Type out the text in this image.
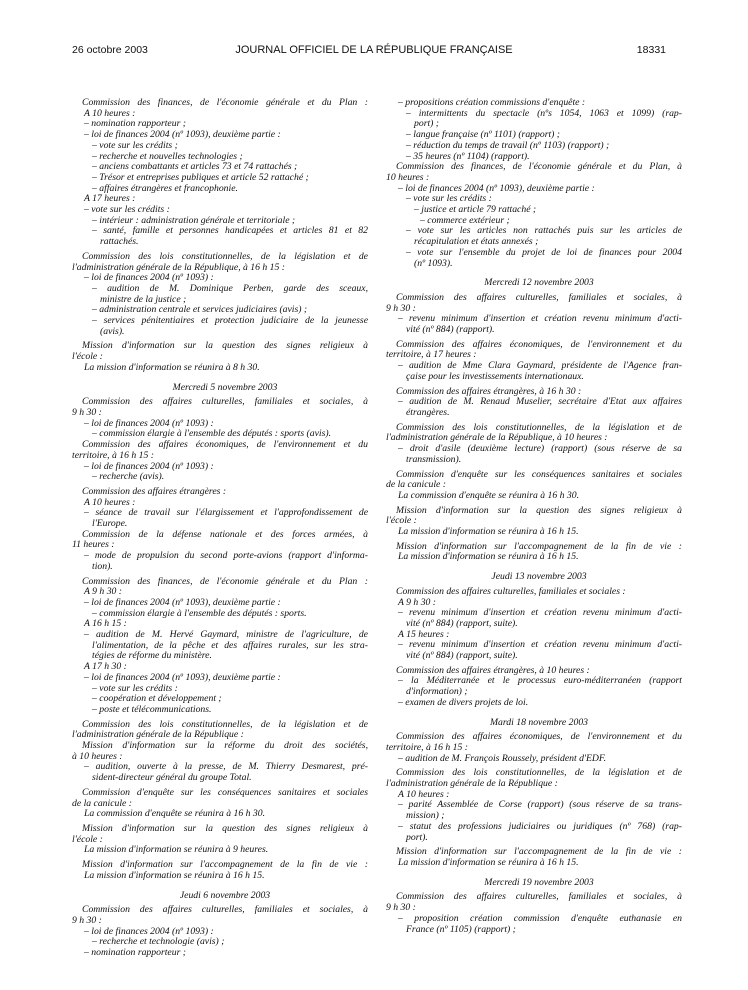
26 octobre 2003	JOURNAL OFFICIEL DE LA RÉPUBLIQUE FRANÇAISE	18331
Commission des finances, de l'économie générale et du Plan :
A 10 heures :
– nomination rapporteur ;
– loi de finances 2004 (nº 1093), deuxième partie :
– vote sur les crédits ;
– recherche et nouvelles technologies ;
– anciens combattants et articles 73 et 74 rattachés ;
– Trésor et entreprises publiques et article 52 rattaché ;
– affaires étrangères et francophonie.
A 17 heures :
– vote sur les crédits :
– intérieur : administration générale et territoriale ;
– santé, famille et personnes handicapées et articles 81 et 82
rattachés.
Commission des lois constitutionnelles, de la législation et de
l'administration générale de la République, à 16 h 15 :
– loi de finances 2004 (nº 1093) :
– audition de M. Dominique Perben, garde des sceaux,
ministre de la justice ;
– administration centrale et services judiciaires (avis) ;
– services pénitentiaires et protection judiciaire de la jeunesse
(avis).
Mission d'information sur la question des signes religieux à
l'école :
La mission d'information se réunira à 8 h 30.
Mercredi 5 novembre 2003
Commission des affaires culturelles, familiales et sociales, à
9 h 30 :
– loi de finances 2004 (nº 1093) :
– commission élargie à l'ensemble des députés : sports (avis).
Commission des affaires économiques, de l'environnement et du
territoire, à 16 h 15 :
– loi de finances 2004 (nº 1093) :
– recherche (avis).
Commission des affaires étrangères :
A 10 heures :
– séance de travail sur l'élargissement et l'approfondissement de
l'Europe.
Commission de la défense nationale et des forces armées, à
11 heures :
– mode de propulsion du second porte-avions (rapport d'informa-
tion).
Commission des finances, de l'économie générale et du Plan :
A 9 h 30 :
– loi de finances 2004 (nº 1093), deuxième partie :
– commission élargie à l'ensemble des députés : sports.
A 16 h 15 :
– audition de M. Hervé Gaymard, ministre de l'agriculture, de
l'alimentation, de la pêche et des affaires rurales, sur les stra-
tégies de réforme du ministère.
A 17 h 30 :
– loi de finances 2004 (nº 1093), deuxième partie :
– vote sur les crédits :
– coopération et développement ;
– poste et télécommunications.
Commission des lois constitutionnelles, de la législation et de
l'administration générale de la République :
Mission d'information sur la réforme du droit des sociétés,
à 10 heures :
– audition, ouverte à la presse, de M. Thierry Desmarest, pré-
sident-directeur général du groupe Total.
Commission d'enquête sur les conséquences sanitaires et sociales
de la canicule :
La commission d'enquête se réunira à 16 h 30.
Mission d'information sur la question des signes religieux à
l'école :
La mission d'information se réunira à 9 heures.
Mission d'information sur l'accompagnement de la fin de vie :
La mission d'information se réunira à 16 h 15.
Jeudi 6 novembre 2003
Commission des affaires culturelles, familiales et sociales, à
9 h 30 :
– loi de finances 2004 (nº 1093) :
– recherche et technologie (avis) ;
– nomination rapporteur ;
– propositions création commissions d'enquête :
– intermittents du spectacle (nºs 1054, 1063 et 1099) (rap-
port) ;
– langue française (nº 1101) (rapport) ;
– réduction du temps de travail (nº 1103) (rapport) ;
– 35 heures (nº 1104) (rapport).
Commission des finances, de l'économie générale et du Plan, à
10 heures :
– loi de finances 2004 (nº 1093), deuxième partie :
– vote sur les crédits :
– justice et article 79 rattaché ;
– commerce extérieur ;
– vote sur les articles non rattachés puis sur les articles de
récapitulation et états annexés ;
– vote sur l'ensemble du projet de loi de finances pour 2004
(nº 1093).
Mercredi 12 novembre 2003
Commission des affaires culturelles, familiales et sociales, à
9 h 30 :
– revenu minimum d'insertion et création revenu minimum d'acti-
vité (nº 884) (rapport).
Commission des affaires économiques, de l'environnement et du
territoire, à 17 heures :
– audition de Mme Clara Gaymard, présidente de l'Agence fran-
çaise pour les investissements internationaux.
Commission des affaires étrangères, à 16 h 30 :
– audition de M. Renaud Muselier, secrétaire d'Etat aux affaires
étrangères.
Commission des lois constitutionnelles, de la législation et de
l'administration générale de la République, à 10 heures :
– droit d'asile (deuxième lecture) (rapport) (sous réserve de sa
transmission).
Commission d'enquête sur les conséquences sanitaires et sociales
de la canicule :
La commission d'enquête se réunira à 16 h 30.
Mission d'information sur la question des signes religieux à
l'école :
La mission d'information se réunira à 16 h 15.
Mission d'information sur l'accompagnement de la fin de vie :
La mission d'information se réunira à 16 h 15.
Jeudi 13 novembre 2003
Commission des affaires culturelles, familiales et sociales :
A 9 h 30 :
– revenu minimum d'insertion et création revenu minimum d'acti-
vité (nº 884) (rapport, suite).
A 15 heures :
– revenu minimum d'insertion et création revenu minimum d'acti-
vité (nº 884) (rapport, suite).
Commission des affaires étrangères, à 10 heures :
– la Méditerranée et le processus euro-méditerranéen (rapport
d'information) ;
– examen de divers projets de loi.
Mardi 18 novembre 2003
Commission des affaires économiques, de l'environnement et du
territoire, à 16 h 15 :
– audition de M. François Roussely, président d'EDF.
Commission des lois constitutionnelles, de la législation et de
l'administration générale de la République :
A 10 heures :
– parité Assemblée de Corse (rapport) (sous réserve de sa trans-
mission) ;
– statut des professions judiciaires ou juridiques (nº 768) (rap-
port).
Mission d'information sur l'accompagnement de la fin de vie :
La mission d'information se réunira à 16 h 15.
Mercredi 19 novembre 2003
Commission des affaires culturelles, familiales et sociales, à
9 h 30 :
– proposition création commission d'enquête euthanasie en
France (nº 1105) (rapport) ;
